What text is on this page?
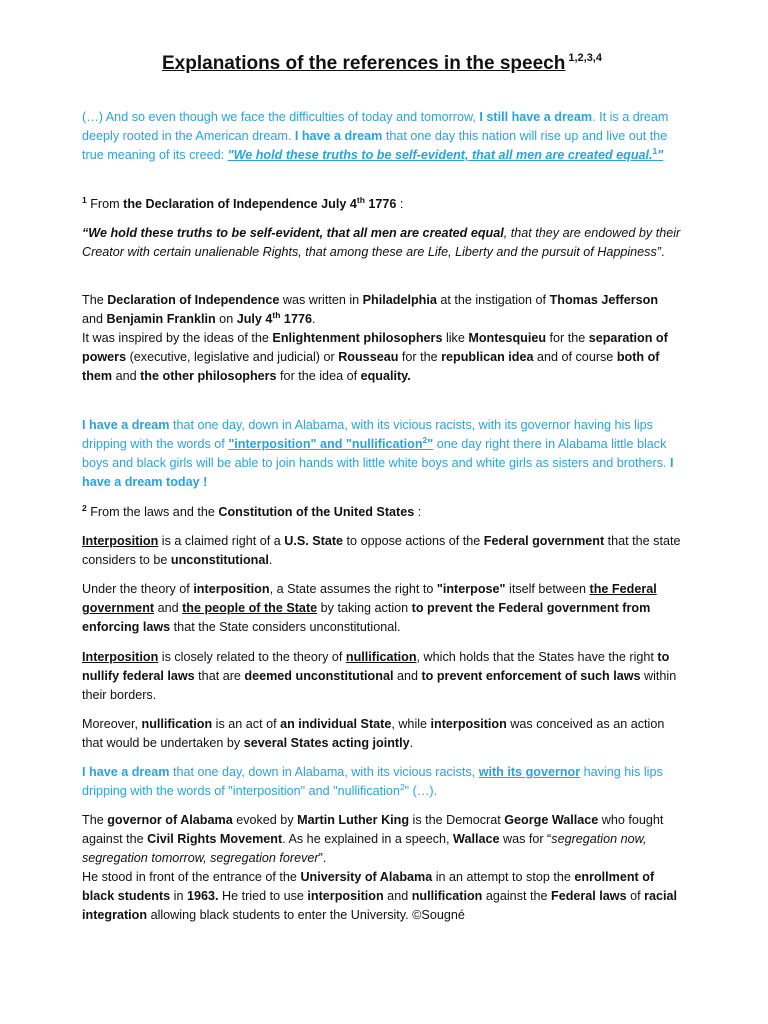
Explanations of the references in the speech $^{1,2,3,4}$

(…) And so even though we face the difficulties of today and tomorrow, I still have a dream. It is a dream deeply rooted in the American dream. I have a dream that one day this nation will rise up and live out the true meaning of its creed: "We hold these truths to be self-evident, that all men are created equal.$^1$"

$^1$ From the Declaration of Independence July 4th 1776 :

“We hold these truths to be self-evident, that all men are created equal, that they are endowed by their Creator with certain unalienable Rights, that among these are Life, Liberty and the pursuit of Happiness”.

The Declaration of Independence was written in Philadelphia at the instigation of Thomas Jefferson and Benjamin Franklin on July 4th 1776.
It was inspired by the ideas of the Enlightenment philosophers like Montesquieu for the separation of powers (executive, legislative and judicial) or Rousseau for the republican idea and of course both of them and the other philosophers for the idea of equality.

I have a dream that one day, down in Alabama, with its vicious racists, with its governor having his lips dripping with the words of "interposition" and "nullification$^2$" one day right there in Alabama little black boys and black girls will be able to join hands with little white boys and white girls as sisters and brothers. I have a dream today !

$^2$ From the laws and the Constitution of the United States :

Interposition is a claimed right of a U.S. State to oppose actions of the Federal government that the state considers to be unconstitutional.

Under the theory of interposition, a State assumes the right to "interpose" itself between the Federal government and the people of the State by taking action to prevent the Federal government from enforcing laws that the State considers unconstitutional.

Interposition is closely related to the theory of nullification, which holds that the States have the right to nullify federal laws that are deemed unconstitutional and to prevent enforcement of such laws within their borders.

Moreover, nullification is an act of an individual State, while interposition was conceived as an action that would be undertaken by several States acting jointly.

I have a dream that one day, down in Alabama, with its vicious racists, with its governor having his lips dripping with the words of "interposition" and "nullification$^2$" (…).

The governor of Alabama evoked by Martin Luther King is the Democrat George Wallace who fought against the Civil Rights Movement. As he explained in a speech, Wallace was for “segregation now, segregation tomorrow, segregation forever”.
He stood in front of the entrance of the University of Alabama in an attempt to stop the enrollment of black students in 1963. He tried to use interposition and nullification against the Federal laws of racial integration allowing black students to enter the University. ©Sougné
